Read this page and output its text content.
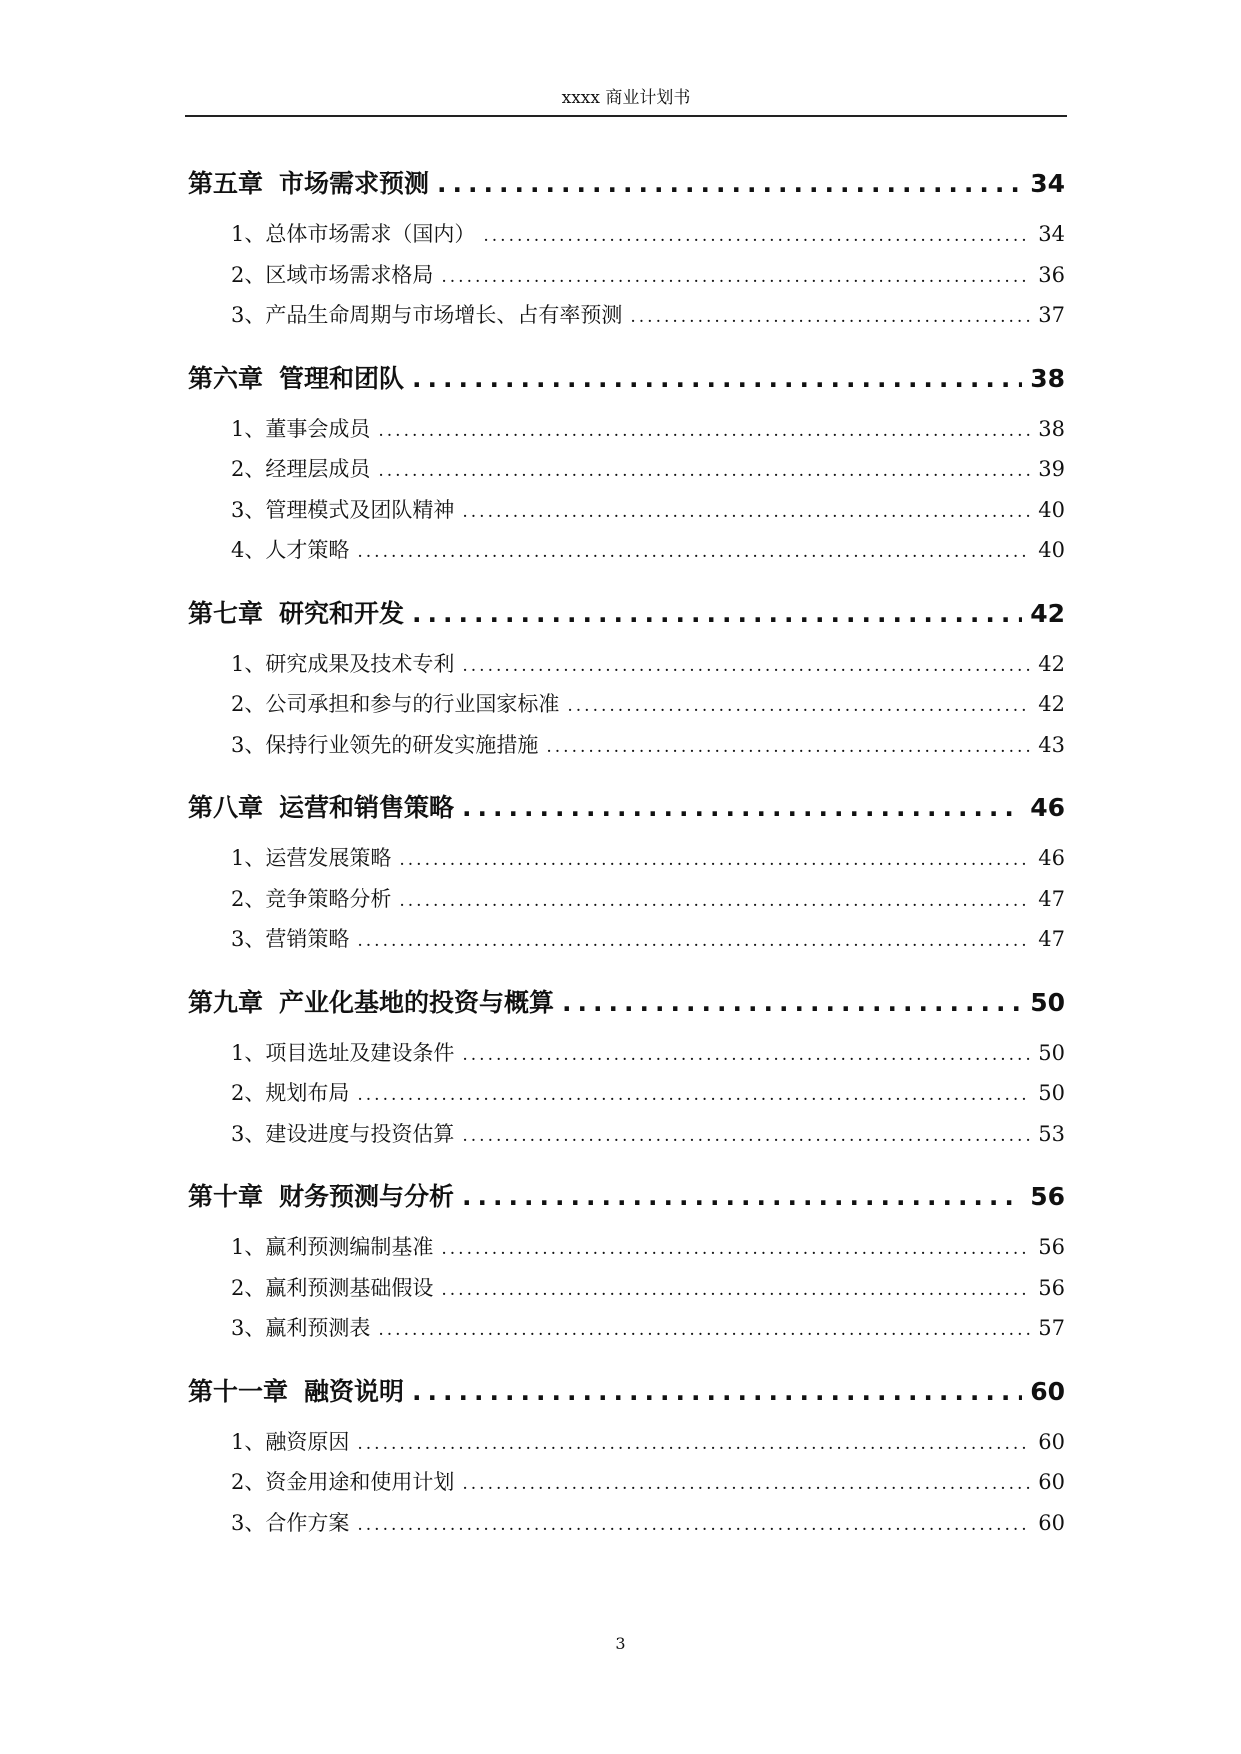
xxxx 商业计划书
第五章 市场需求预测 .....	34
1、总体市场需求（国内） .....	34
2、区域市场需求格局 .....	36
3、产品生命周期与市场增长、占有率预测 .....	37
第六章 管理和团队 .....	38
1、董事会成员 .....	38
2、经理层成员 .....	39
3、管理模式及团队精神 .....	40
4、人才策略 .....	40
第七章 研究和开发 .....	42
1、研究成果及技术专利 .....	42
2、公司承担和参与的行业国家标准 .....	42
3、保持行业领先的研发实施措施 .....	43
第八章 运营和销售策略 .....	46
1、运营发展策略 .....	46
2、竞争策略分析 .....	47
3、营销策略 .....	47
第九章 产业化基地的投资与概算 .....	50
1、项目选址及建设条件 .....	50
2、规划布局 .....	50
3、建设进度与投资估算 .....	53
第十章 财务预测与分析 .....	56
1、赢利预测编制基准 .....	56
2、赢利预测基础假设 .....	56
3、赢利预测表 .....	57
第十一章 融资说明 .....	60
1、融资原因 .....	60
2、资金用途和使用计划 .....	60
3、合作方案 .....	60
3
